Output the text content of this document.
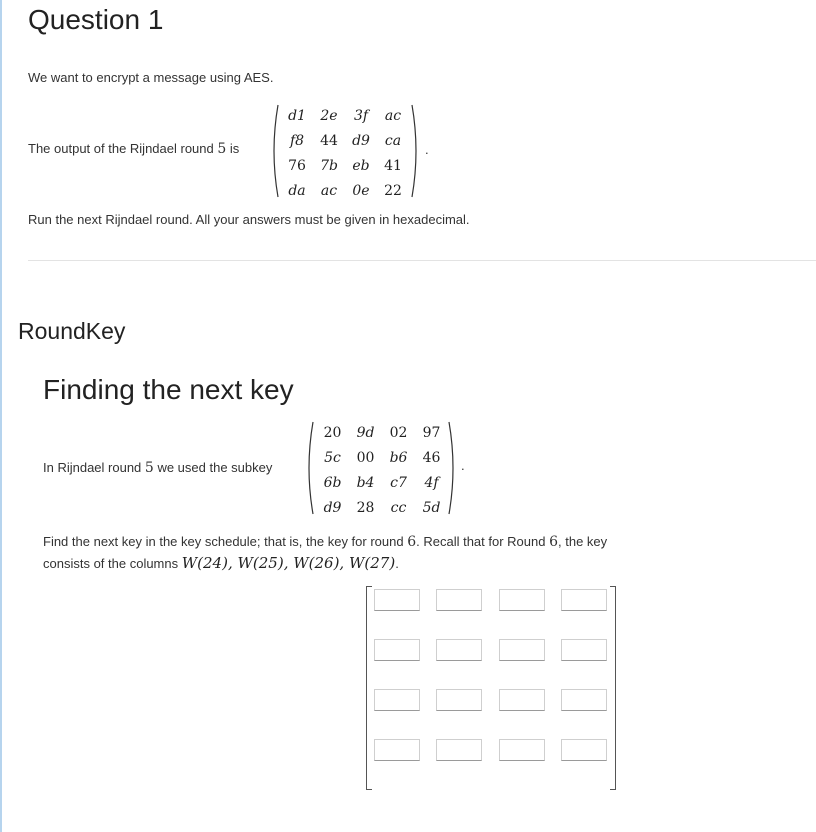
Question 1
We want to encrypt a message using AES.
The output of the Rijndael round 5 is
d1	2e	3f	ac
f8	44	d9	ca
76	7b	eb	41
da	ac	0e	22
.
Run the next Rijndael round. All your answers must be given in hexadecimal.
RoundKey
Finding the next key
In Rijndael round 5 we used the subkey
20	9d	02	97
5c	00	b6	46
6b	b4	c7	4f
d9	28	cc	5d
.
Find the next key in the key schedule; that is, the key for round 6. Recall that for Round 6, the key
consists of the columns W(24), W(25), W(26), W(27).
